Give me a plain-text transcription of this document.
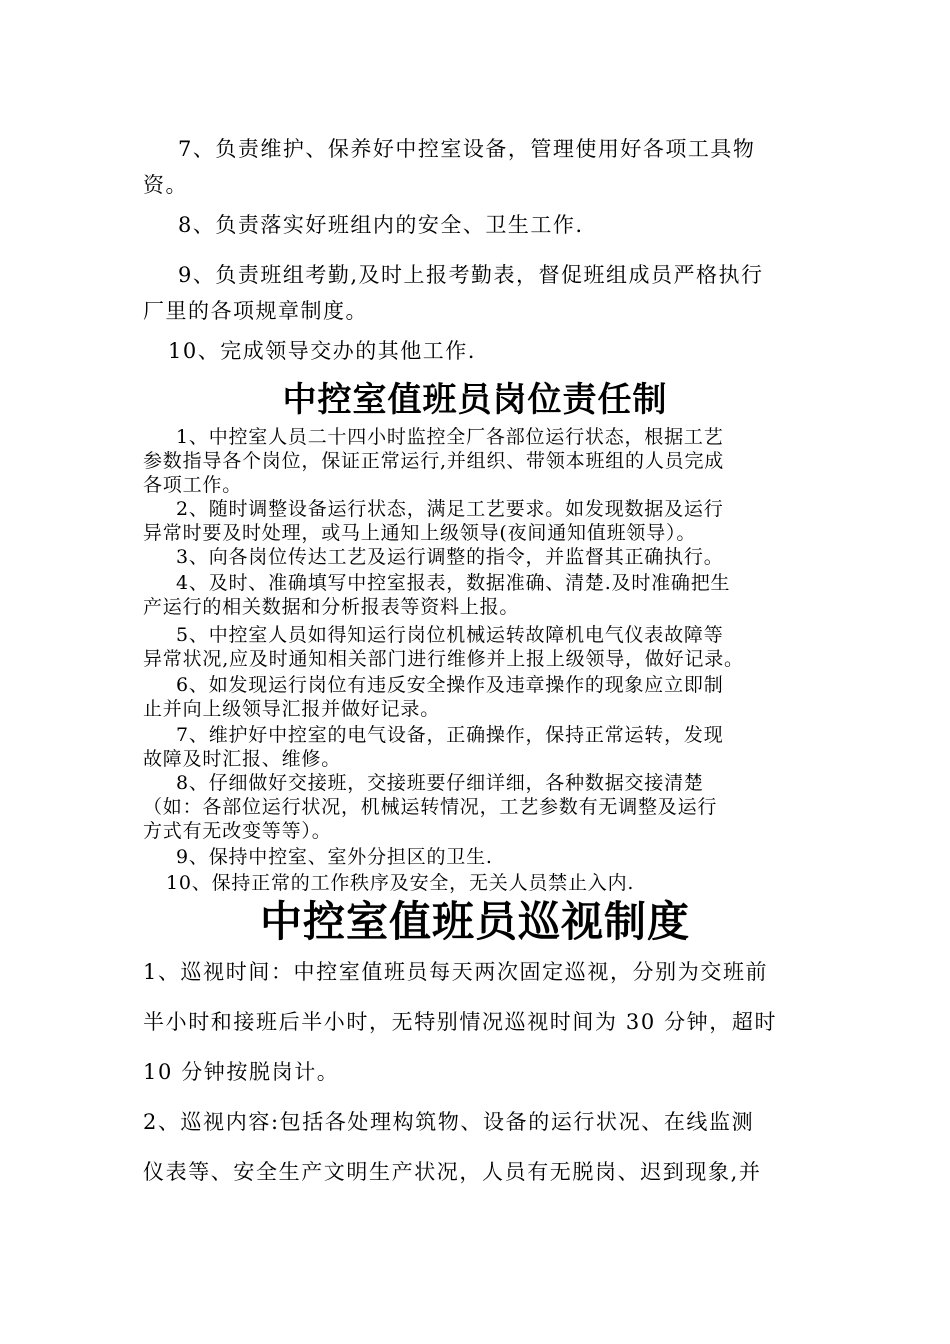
7、负责维护、保养好中控室设备，管理使用好各项工具物
资。
8、负责落实好班组内的安全、卫生工作.
9、负责班组考勤,及时上报考勤表，督促班组成员严格执行
厂里的各项规章制度。
10、完成领导交办的其他工作.
中控室值班员岗位责任制
1、中控室人员二十四小时监控全厂各部位运行状态，根据工艺
参数指导各个岗位，保证正常运行,并组织、带领本班组的人员完成
各项工作。
2、随时调整设备运行状态，满足工艺要求。如发现数据及运行
异常时要及时处理，或马上通知上级领导(夜间通知值班领导）。
3、向各岗位传达工艺及运行调整的指令，并监督其正确执行。
4、及时、准确填写中控室报表，数据准确、清楚.及时准确把生
产运行的相关数据和分析报表等资料上报。
5、中控室人员如得知运行岗位机械运转故障机电气仪表故障等
异常状况,应及时通知相关部门进行维修并上报上级领导，做好记录。
6、如发现运行岗位有违反安全操作及违章操作的现象应立即制
止并向上级领导汇报并做好记录。
7、维护好中控室的电气设备，正确操作，保持正常运转，发现
故障及时汇报、维修。
8、仔细做好交接班，交接班要仔细详细，各种数据交接清楚
（如：各部位运行状况，机械运转情况，工艺参数有无调整及运行
方式有无改变等等）。
9、保持中控室、室外分担区的卫生.
10、保持正常的工作秩序及安全，无关人员禁止入内.
中控室值班员巡视制度
1、巡视时间：中控室值班员每天两次固定巡视，分别为交班前
半小时和接班后半小时，无特别情况巡视时间为 30 分钟，超时
10 分钟按脱岗计。
2、巡视内容:包括各处理构筑物、设备的运行状况、在线监测
仪表等、安全生产文明生产状况，人员有无脱岗、迟到现象,并
